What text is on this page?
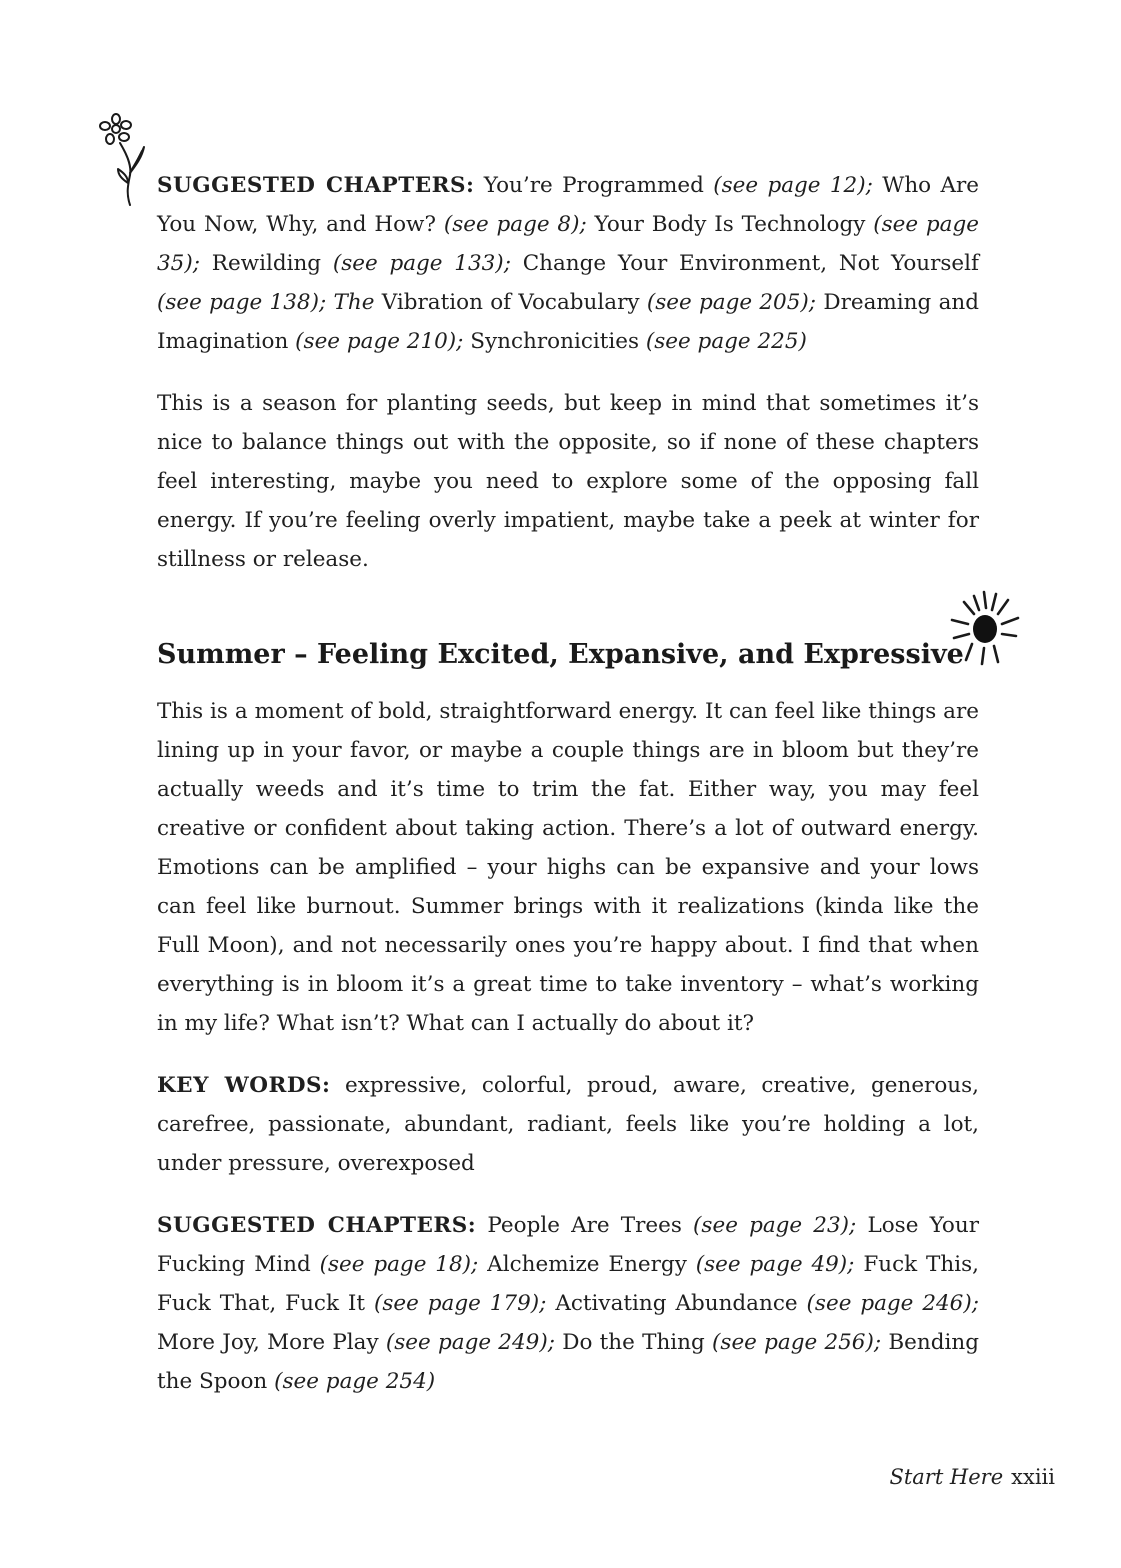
SUGGESTED CHAPTERS: You’re Programmed (see page 12); Who Are You Now, Why, and How? (see page 8); Your Body Is Technology (see page 35); Rewilding (see page 133); Change Your Environment, Not Yourself (see page 138); The Vibration of Vocabulary (see page 205); Dreaming and Imagination (see page 210); Synchronicities (see page 225)

This is a season for planting seeds, but keep in mind that sometimes it’s nice to balance things out with the opposite, so if none of these chapters feel interesting, maybe you need to explore some of the opposing fall energy. If you’re feeling overly impatient, maybe take a peek at winter for stillness or release.

Summer – Feeling Excited, Expansive, and Expressive

This is a moment of bold, straightforward energy. It can feel like things are lining up in your favor, or maybe a couple things are in bloom but they’re actually weeds and it’s time to trim the fat. Either way, you may feel creative or confident about taking action. There’s a lot of outward energy. Emotions can be amplified – your highs can be expansive and your lows can feel like burnout. Summer brings with it realizations (kinda like the Full Moon), and not necessarily ones you’re happy about. I find that when everything is in bloom it’s a great time to take inventory – what’s working in my life? What isn’t? What can I actually do about it?

KEY WORDS: expressive, colorful, proud, aware, creative, generous, carefree, passionate, abundant, radiant, feels like you’re holding a lot, under pressure, overexposed

SUGGESTED CHAPTERS: People Are Trees (see page 23); Lose Your Fucking Mind (see page 18); Alchemize Energy (see page 49); Fuck This, Fuck That, Fuck It (see page 179); Activating Abundance (see page 246); More Joy, More Play (see page 249); Do the Thing (see page 256); Bending the Spoon (see page 254)

Start Here xxiii
